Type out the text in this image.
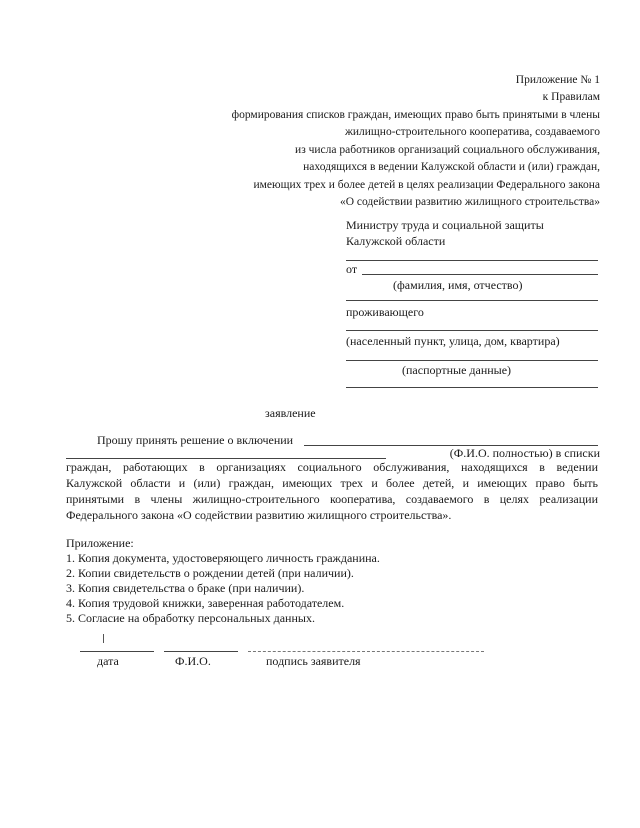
Приложение № 1
к Правилам
формирования списков граждан, имеющих право быть принятыми в члены
жилищно-строительного кооператива, создаваемого
из числа работников организаций социального обслуживания,
находящихся в ведении Калужской области и (или) граждан,
имеющих трех и более детей в целях реализации Федерального закона
«О содействии развитию жилищного строительства»
Министру труда и социальной защиты
Калужской области
от
(фамилия, имя, отчество)
проживающего
(населенный пункт, улица, дом, квартира)
(паспортные данные)
заявление
Прошу принять решение о включении
(Ф.И.О. полностью) в списки
граждан, работающих в организациях социального обслуживания, находящихся в ведении
Калужской области и (или) граждан, имеющих трех и более детей, и имеющих право быть
принятыми в члены жилищно-строительного кооператива, создаваемого в целях реализации
Федерального закона «О содействии развитию жилищного строительства».
Приложение:
1. Копия документа, удостоверяющего личность гражданина.
2. Копии свидетельств о рождении детей (при наличии).
3. Копия свидетельства о браке (при наличии).
4. Копия трудовой книжки, заверенная работодателем.
5. Согласие на обработку пeрсональных данных.
дата	Ф.И.О.	подпись заявителя
